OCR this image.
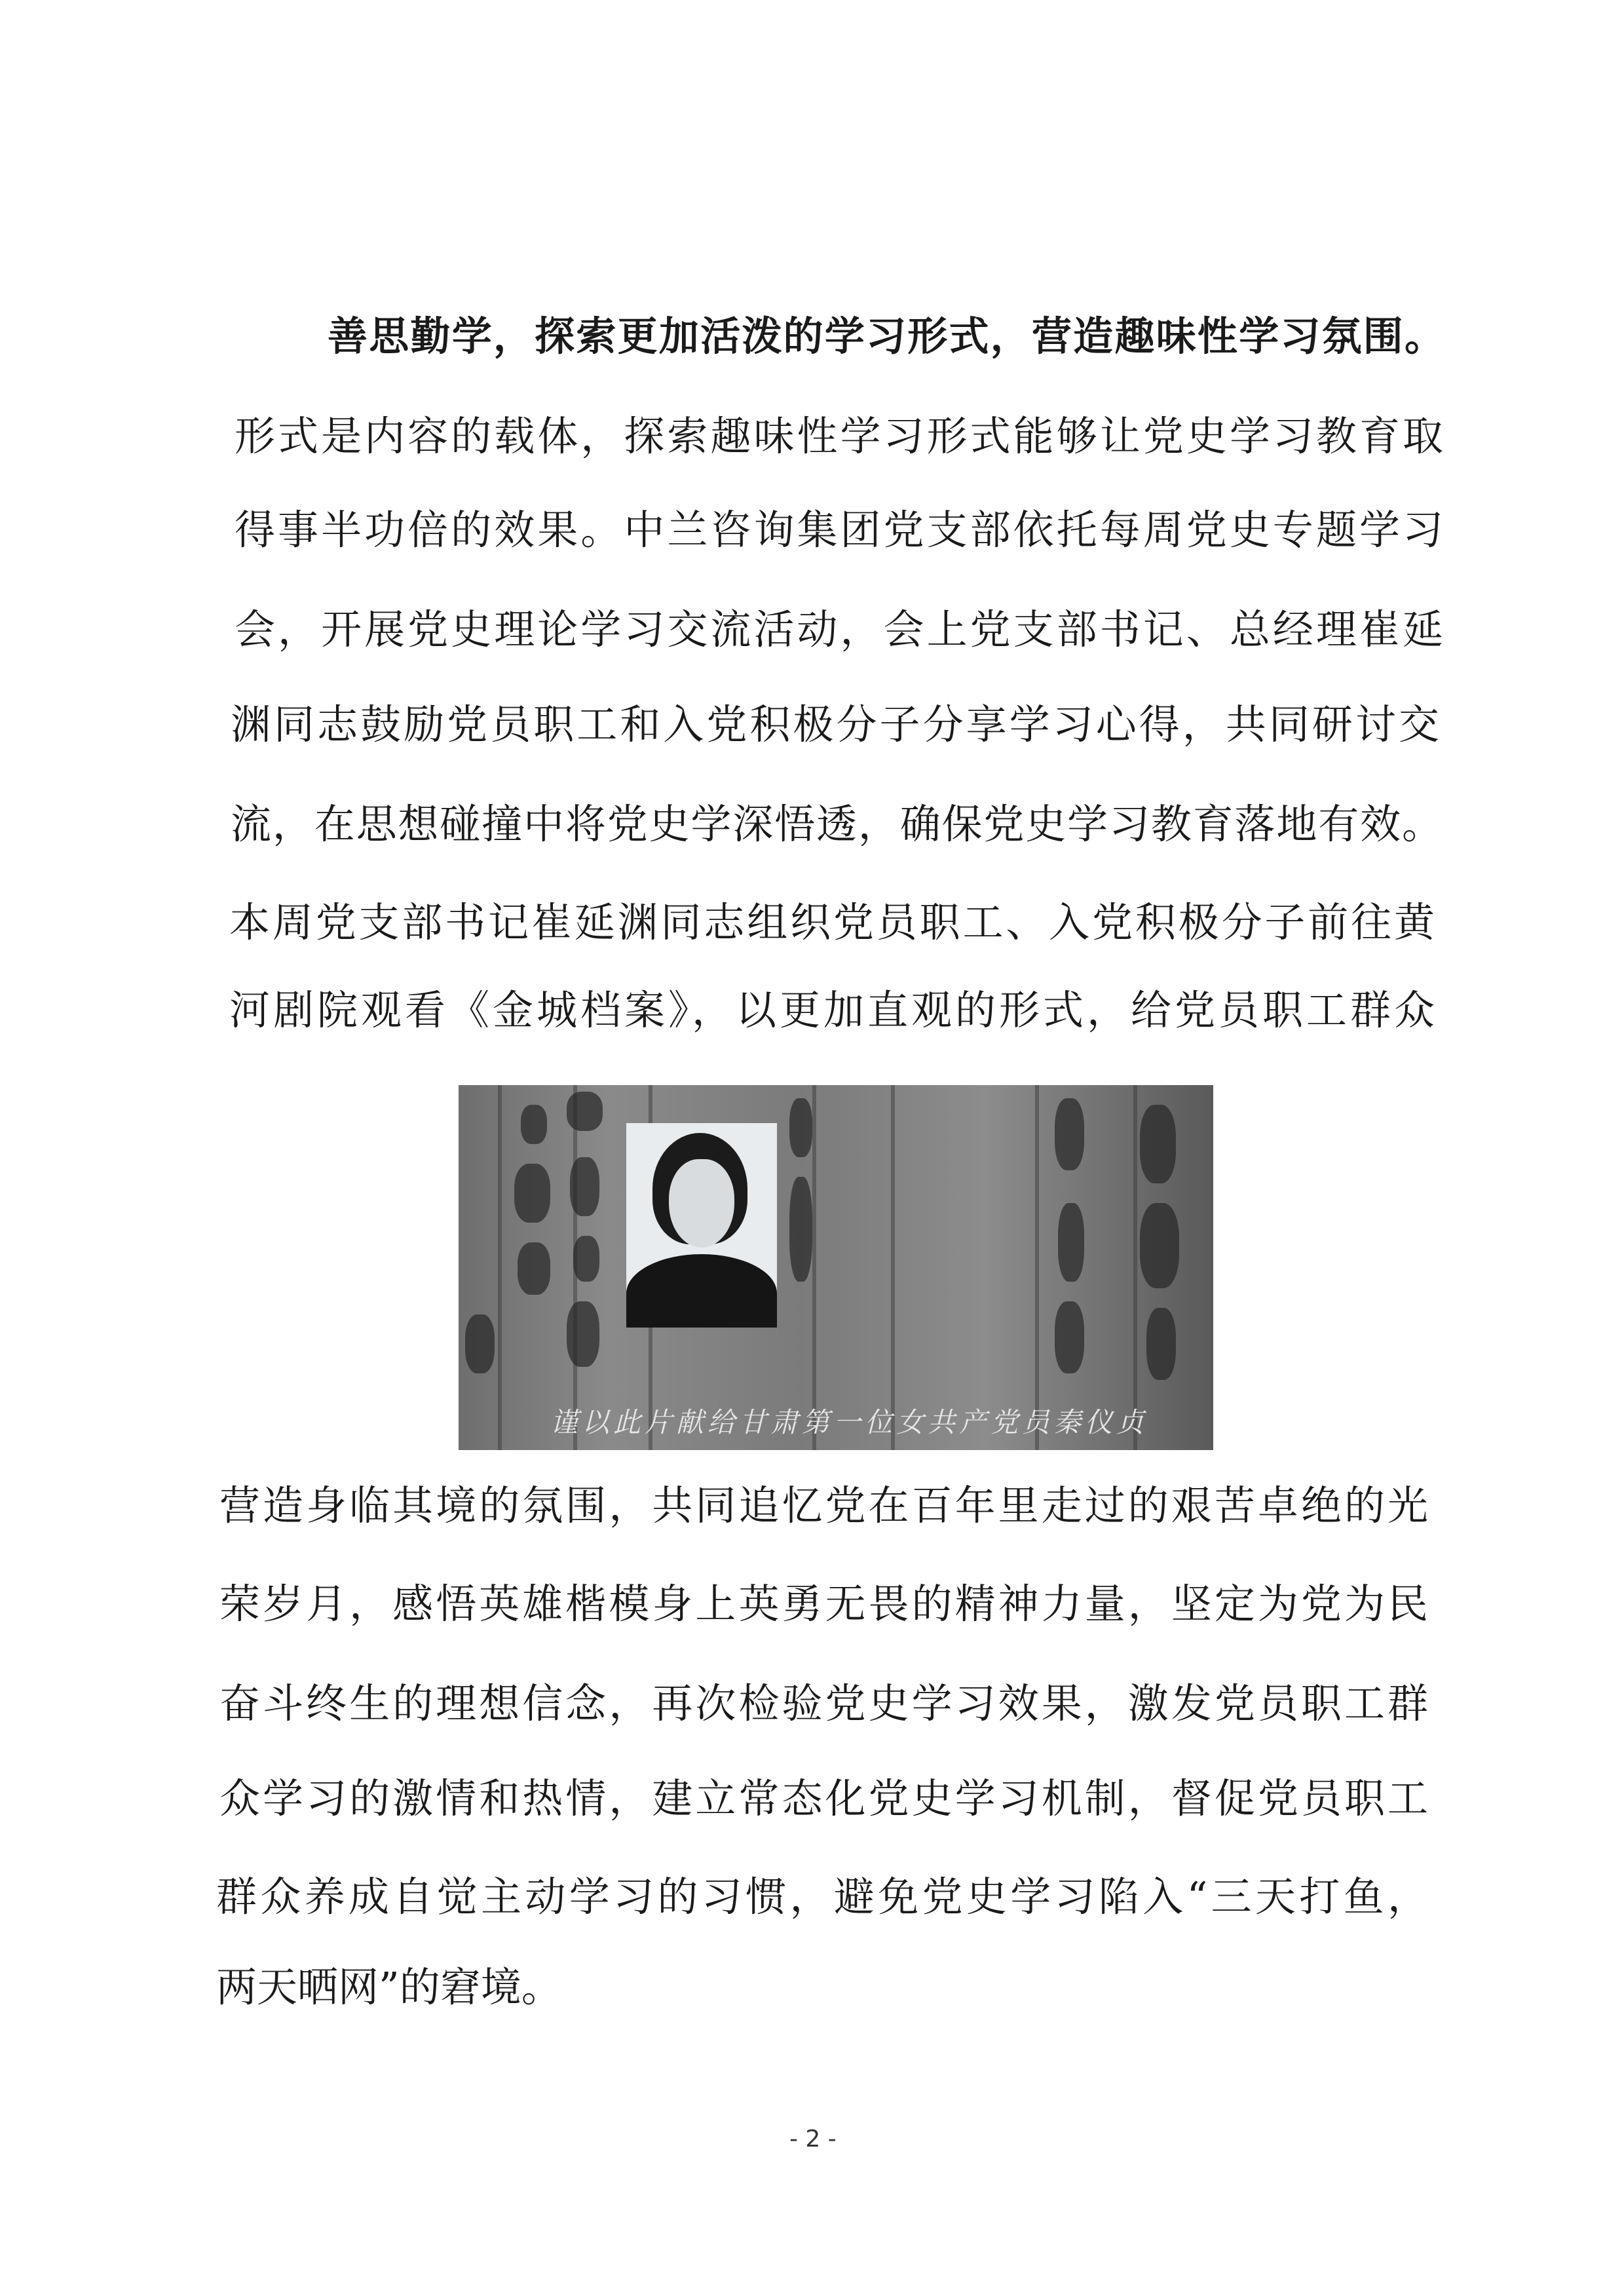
善思勤学，探索更加活泼的学习形式，营造趣味性学习氛围。
形式是内容的载体，探索趣味性学习形式能够让党史学习教育取
得事半功倍的效果。中兰咨询集团党支部依托每周党史专题学习
会，开展党史理论学习交流活动，会上党支部书记、总经理崔延
渊同志鼓励党员职工和入党积极分子分享学习心得，共同研讨交
流，在思想碰撞中将党史学深悟透，确保党史学习教育落地有效。
本周党支部书记崔延渊同志组织党员职工、入党积极分子前往黄
河剧院观看《金城档案》，以更加直观的形式，给党员职工群众
谨以此片献给甘肃第一位女共产党员秦仪贞
营造身临其境的氛围，共同追忆党在百年里走过的艰苦卓绝的光
荣岁月，感悟英雄楷模身上英勇无畏的精神力量，坚定为党为民
奋斗终生的理想信念，再次检验党史学习效果，激发党员职工群
众学习的激情和热情，建立常态化党史学习机制，督促党员职工
群众养成自觉主动学习的习惯，避免党史学习陷入“三天打鱼，
两天晒网”的窘境。
- 2 -
